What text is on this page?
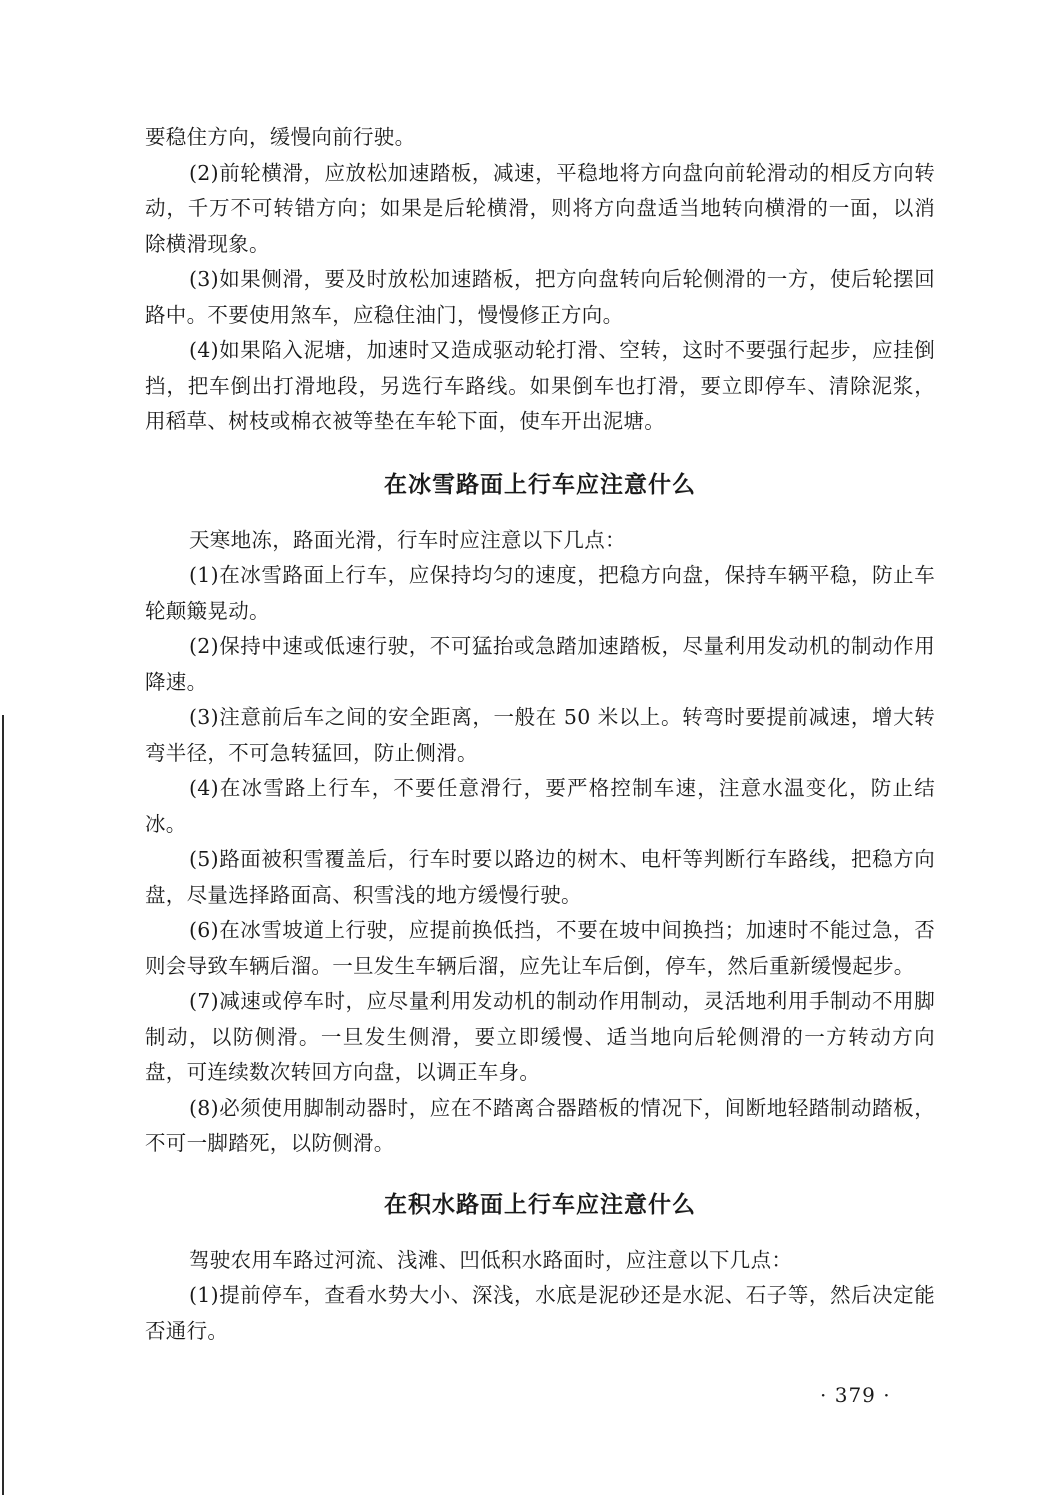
要稳住方向，缓慢向前行驶。

(2)前轮横滑，应放松加速踏板，减速，平稳地将方向盘向前轮滑动的相反方向转动，千万不可转错方向；如果是后轮横滑，则将方向盘适当地转向横滑的一面，以消除横滑现象。

(3)如果侧滑，要及时放松加速踏板，把方向盘转向后轮侧滑的一方，使后轮摆回路中。不要使用煞车，应稳住油门，慢慢修正方向。

(4)如果陷入泥塘，加速时又造成驱动轮打滑、空转，这时不要强行起步，应挂倒挡，把车倒出打滑地段，另选行车路线。如果倒车也打滑，要立即停车、清除泥浆，用稻草、树枝或棉衣被等垫在车轮下面，使车开出泥塘。

在冰雪路面上行车应注意什么

天寒地冻，路面光滑，行车时应注意以下几点：

(1)在冰雪路面上行车，应保持均匀的速度，把稳方向盘，保持车辆平稳，防止车轮颠簸晃动。

(2)保持中速或低速行驶，不可猛抬或急踏加速踏板，尽量利用发动机的制动作用降速。

(3)注意前后车之间的安全距离，一般在 50 米以上。转弯时要提前减速，增大转弯半径，不可急转猛回，防止侧滑。

(4)在冰雪路上行车，不要任意滑行，要严格控制车速，注意水温变化，防止结冰。

(5)路面被积雪覆盖后，行车时要以路边的树木、电杆等判断行车路线，把稳方向盘，尽量选择路面高、积雪浅的地方缓慢行驶。

(6)在冰雪坡道上行驶，应提前换低挡，不要在坡中间换挡；加速时不能过急，否则会导致车辆后溜。一旦发生车辆后溜，应先让车后倒，停车，然后重新缓慢起步。

(7)减速或停车时，应尽量利用发动机的制动作用制动，灵活地利用手制动不用脚制动，以防侧滑。一旦发生侧滑，要立即缓慢、适当地向后轮侧滑的一方转动方向盘，可连续数次转回方向盘，以调正车身。

(8)必须使用脚制动器时，应在不踏离合器踏板的情况下，间断地轻踏制动踏板，不可一脚踏死，以防侧滑。

在积水路面上行车应注意什么

驾驶农用车路过河流、浅滩、凹低积水路面时，应注意以下几点：

(1)提前停车，查看水势大小、深浅，水底是泥砂还是水泥、石子等，然后决定能否通行。

· 379 ·
